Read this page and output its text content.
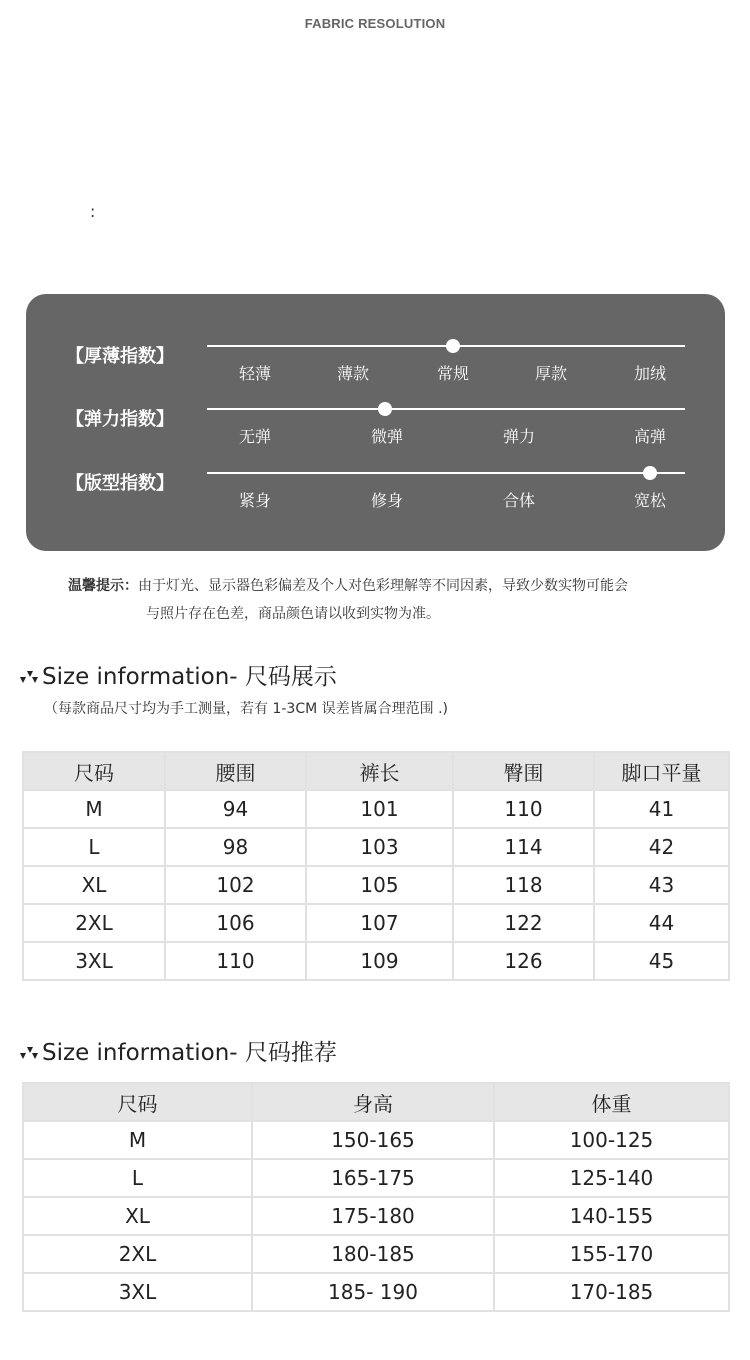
FABRIC RESOLUTION
:
【厚薄指数】
轻薄	薄款	常规	厚款	加绒
【弹力指数】
无弹	微弹	弹力	高弹
【版型指数】
紧身	修身	合体	宽松
温馨提示：由于灯光、显示器色彩偏差及个人对色彩理解等不同因素，导致少数实物可能会
与照片存在色差，商品颜色请以收到实物为准。
Size information- 尺码展示
（每款商品尺寸均为手工测量，若有 1-3CM 误差皆属合理范围 .)
尺码	腰围	裤长	臀围	脚口平量
M	94	101	110	41
L	98	103	114	42
XL	102	105	118	43
2XL	106	107	122	44
3XL	110	109	126	45
Size information- 尺码推荐
尺码	身高	体重
M	150-165	100-125
L	165-175	125-140
XL	175-180	140-155
2XL	180-185	155-170
3XL	185- 190	170-185
